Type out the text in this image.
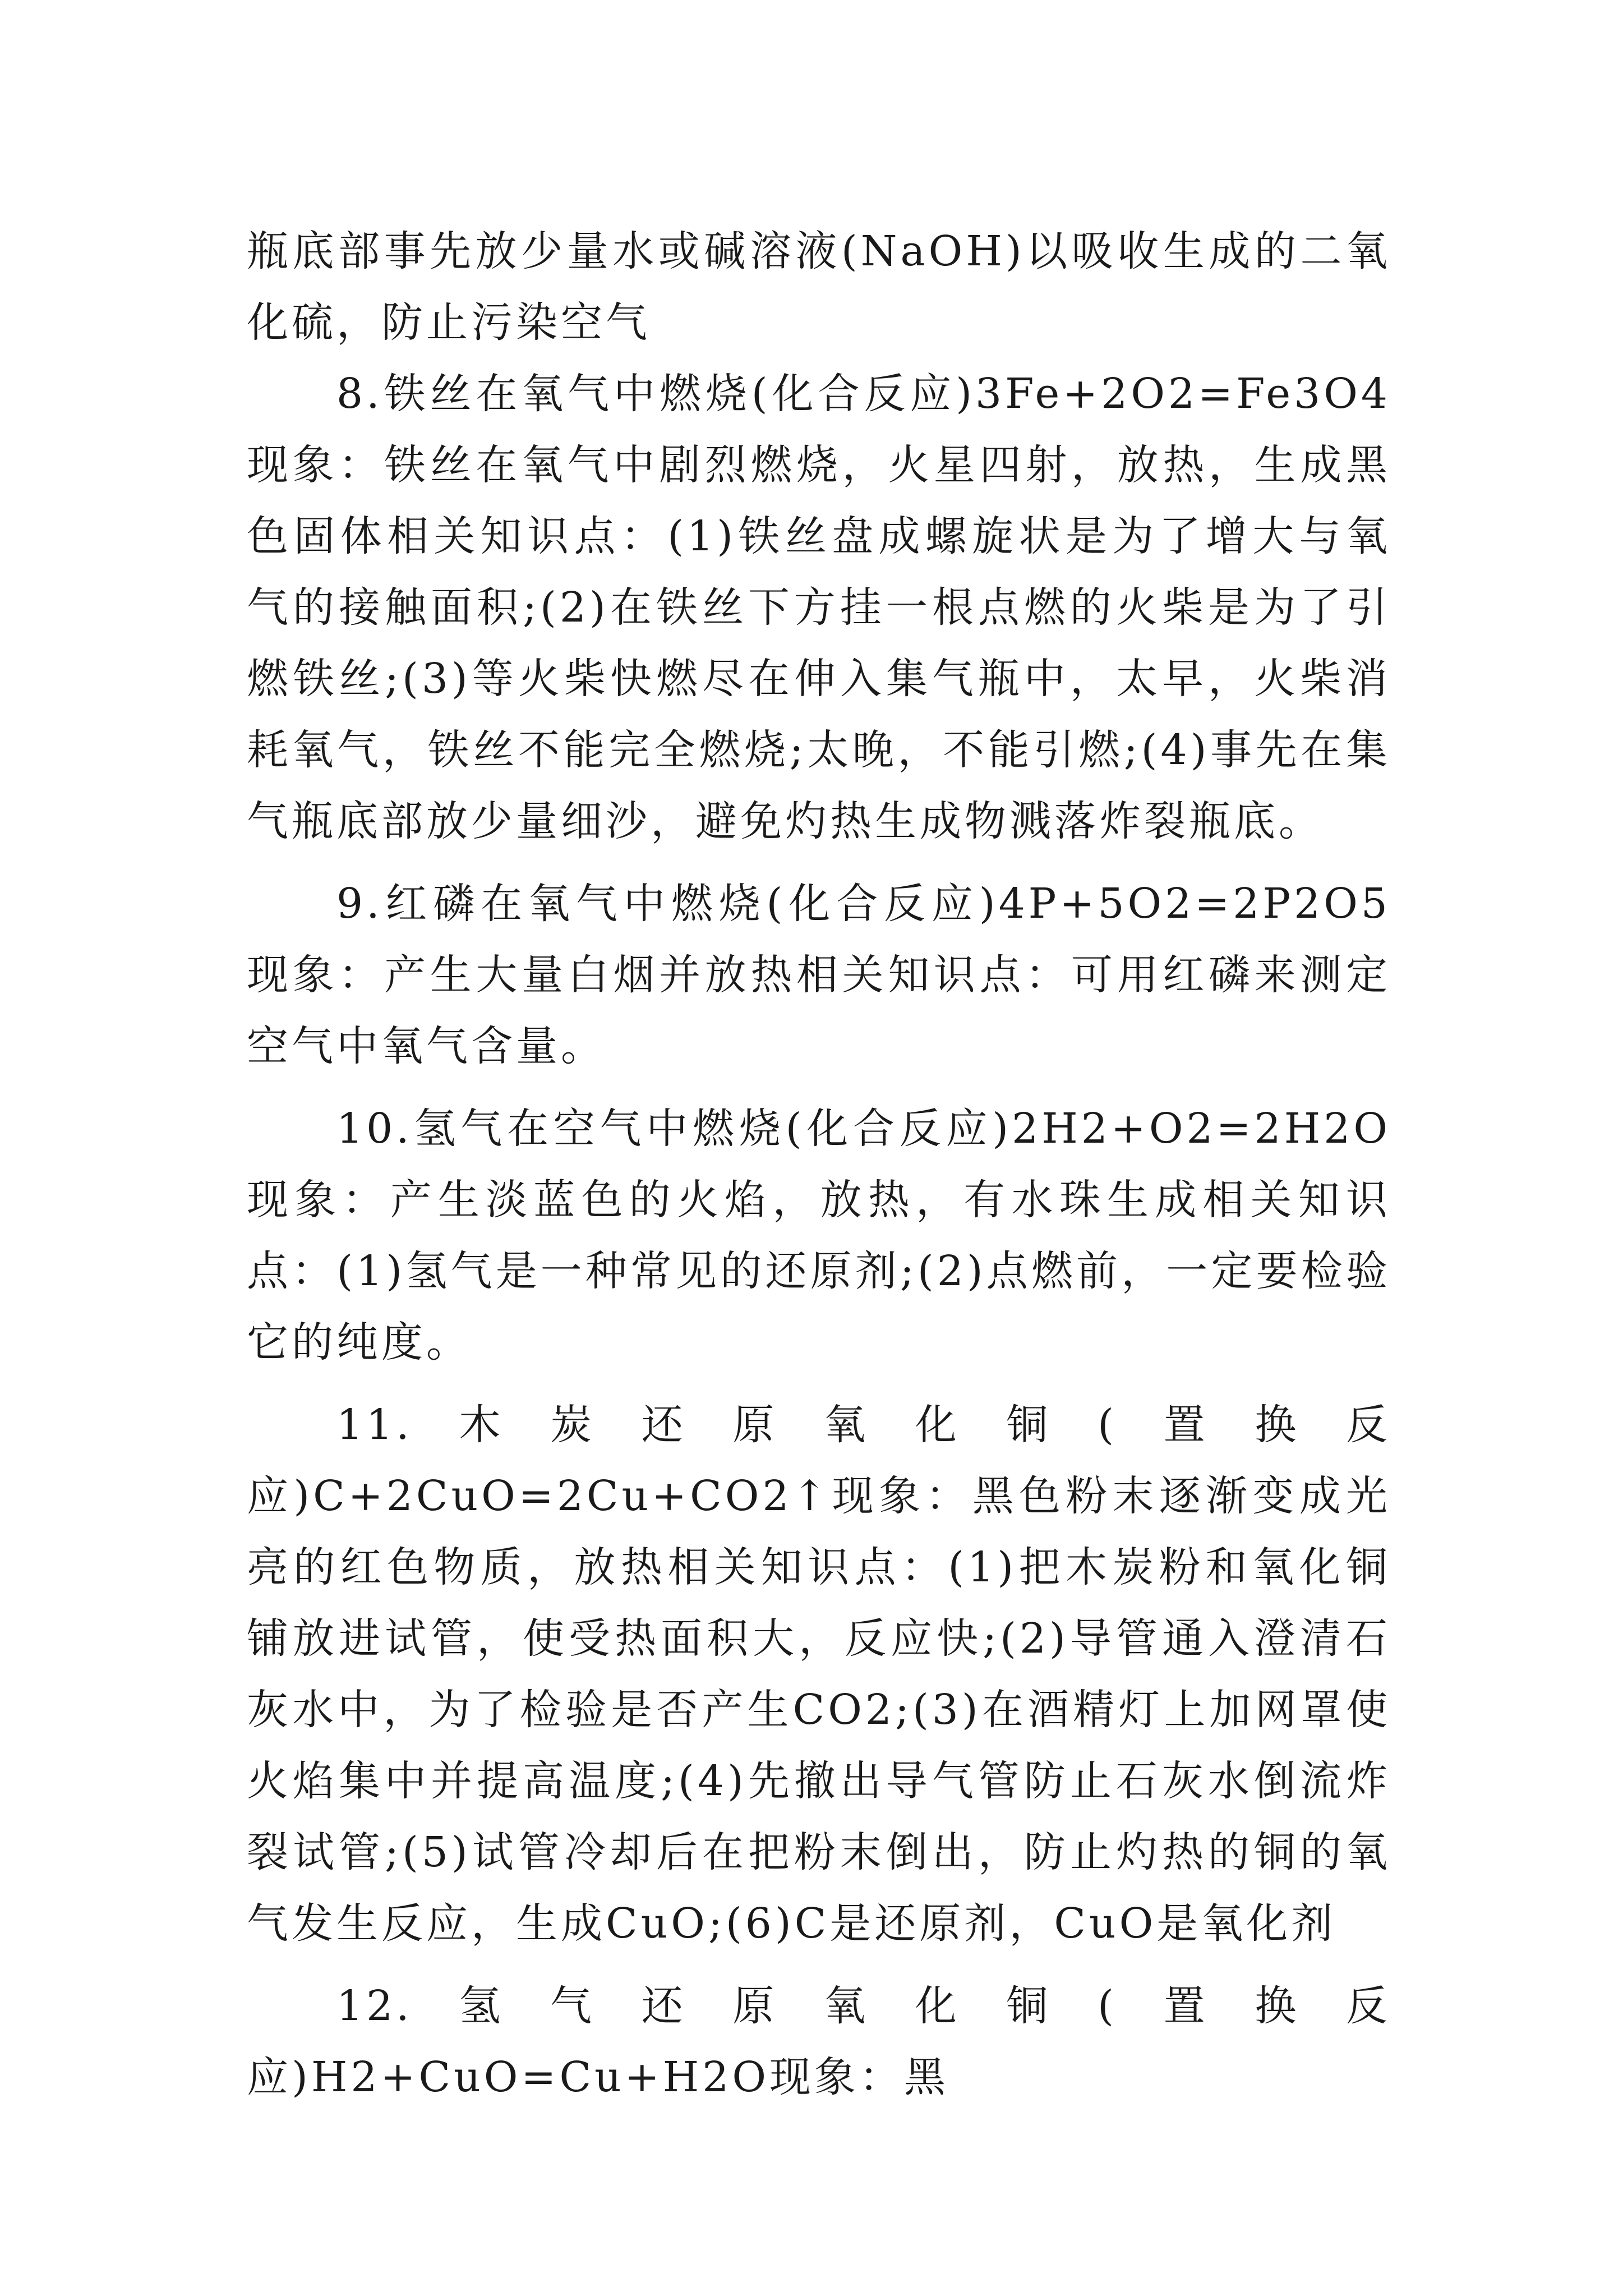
瓶底部事先放少量水或碱溶液(NaOH)以吸收生成的二氧化硫，防止污染空气

8.铁丝在氧气中燃烧(化合反应)3Fe+2O2=Fe3O4现象：铁丝在氧气中剧烈燃烧，火星四射，放热，生成黑色固体相关知识点：(1)铁丝盘成螺旋状是为了增大与氧气的接触面积;(2)在铁丝下方挂一根点燃的火柴是为了引燃铁丝;(3)等火柴快燃尽在伸入集气瓶中，太早，火柴消耗氧气，铁丝不能完全燃烧;太晚，不能引燃;(4)事先在集气瓶底部放少量细沙，避免灼热生成物溅落炸裂瓶底。

9.红磷在氧气中燃烧(化合反应)4P+5O2=2P2O5现象：产生大量白烟并放热相关知识点：可用红磷来测定空气中氧气含量。

10.氢气在空气中燃烧(化合反应)2H2+O2=2H2O现象：产生淡蓝色的火焰，放热，有水珠生成相关知识点：(1)氢气是一种常见的还原剂;(2)点燃前，一定要检验它的纯度。

11.木炭还原氧化铜(置换反应)C+2CuO=2Cu+CO2↑现象：黑色粉末逐渐变成光亮的红色物质，放热相关知识点：(1)把木炭粉和氧化铜铺放进试管，使受热面积大，反应快;(2)导管通入澄清石灰水中，为了检验是否产生CO2;(3)在酒精灯上加网罩使火焰集中并提高温度;(4)先撤出导气管防止石灰水倒流炸裂试管;(5)试管冷却后在把粉末倒出，防止灼热的铜的氧气发生反应，生成CuO;(6)C是还原剂，CuO是氧化剂

12.氢气还原氧化铜(置换反应)H2+CuO=Cu+H2O现象：黑
